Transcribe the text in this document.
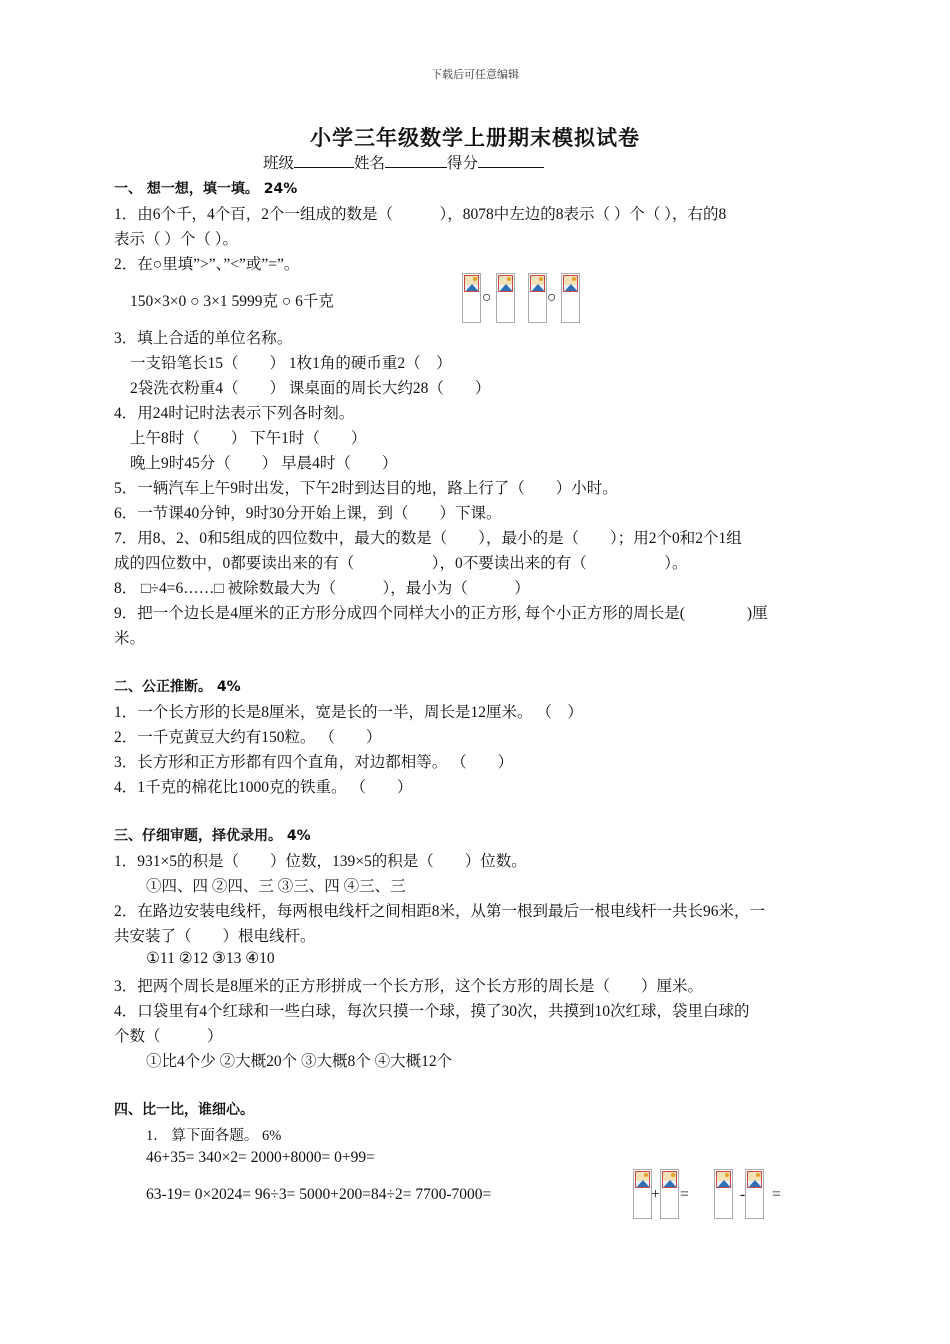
下载后可任意编辑
小学三年级数学上册期末模拟试卷
班级	姓名	得分
一、 想一想，填一填。 24%
1．由6个千，4个百，2个一组成的数是（　　　），8078中左边的8表示（ ）个（ ），右的8
表示（ ）个（ ）。
2．在○里填”>”、”<”或”=”。
150×3×0 ○ 3×1 5999克 ○ 6千克	○	○
3．填上合适的单位名称。
一支铅笔长15（　　） 1枚1角的硬币重2（　）
2袋洗衣粉重4（　　） 课桌面的周长大约28（　　）
4．用24时记时法表示下列各时刻。
上午8时（　　） 下午1时（　　）
晚上9时45分（　　） 早晨4时（　　）
5．一辆汽车上午9时出发，下午2时到达目的地，路上行了（　　）小时。
6．一节课40分钟，9时30分开始上课，到（　　）下课。
7．用8、2、0和5组成的四位数中，最大的数是（　　），最小的是（　　）；用2个0和2个1组
成的四位数中，0都要读出来的有（　　　　　），0不要读出来的有（　　　　　）。
8． □÷4=6……□ 被除数最大为（　　　），最小为（　　　）
9．把一个边长是4厘米的正方形分成四个同样大小的正方形, 每个小正方形的周长是(　　　　)厘
米。
二、公正推断。 4%
1．一个长方形的长是8厘米，宽是长的一半，周长是12厘米。 （　）
2．一千克黄豆大约有150粒。 （　　）
3．长方形和正方形都有四个直角，对边都相等。 （　　）
4．1千克的棉花比1000克的铁重。 （　　）
三、仔细审题，择优录用。 4%
1．931×5的积是（　　）位数，139×5的积是（　　）位数。
①四、四 ②四、三 ③三、四 ④三、三
2．在路边安装电线杆，每两根电线杆之间相距8米，从第一根到最后一根电线杆一共长96米，一
共安装了（　　）根电线杆。
①11 ②12 ③13 ④10
3．把两个周长是8厘米的正方形拼成一个长方形，这个长方形的周长是（　　）厘米。
4．口袋里有4个红球和一些白球，每次只摸一个球，摸了30次，共摸到10次红球，袋里白球的
个数（　　　）
①比4个少 ②大概20个 ③大概8个 ④大概12个
四、比一比，谁细心。
1． 算下面各题。 6%
46+35= 340×2= 2000+8000= 0+99=
63-19= 0×2024= 96÷3= 5000+200=84÷2= 7700-7000=	+ =	- =
